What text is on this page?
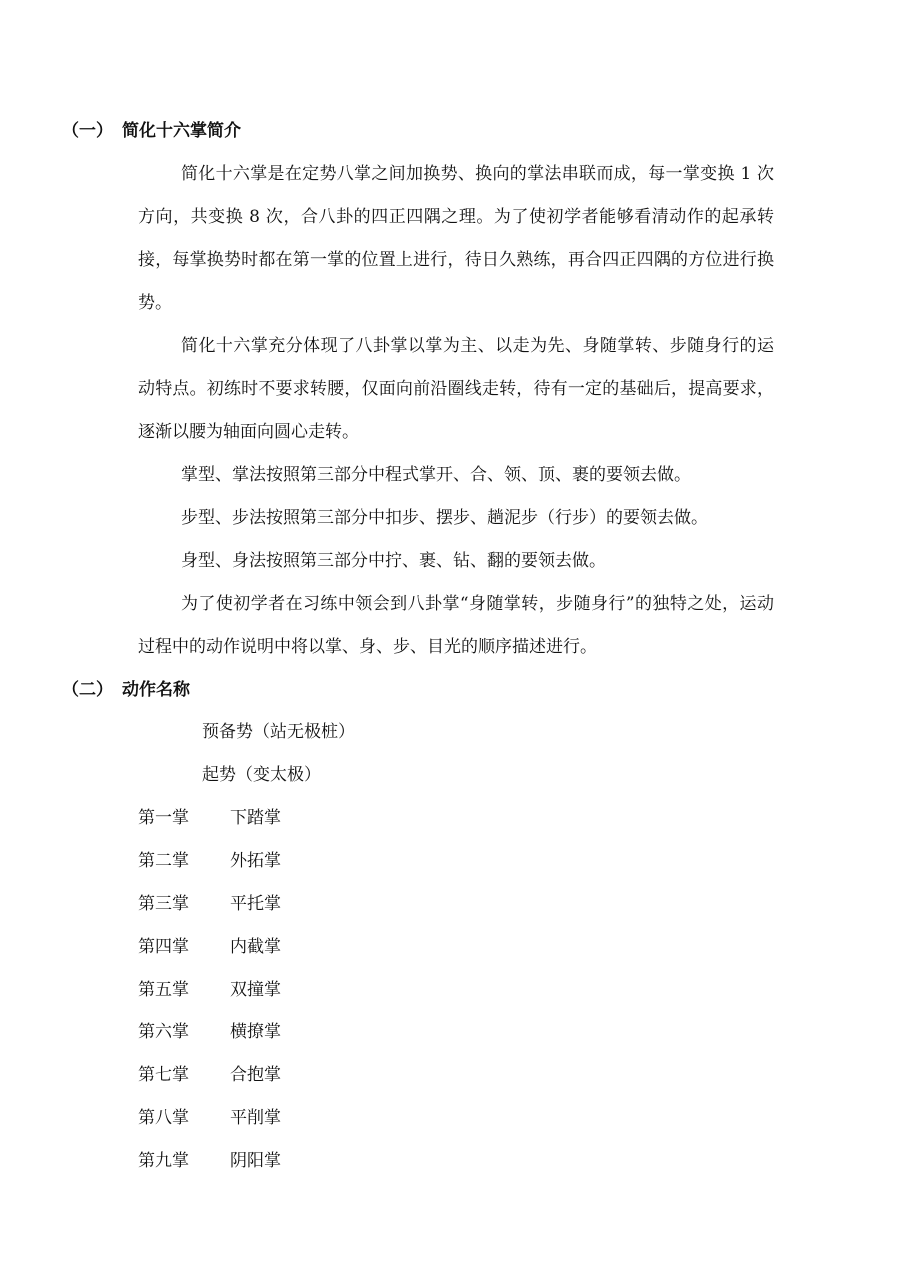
（一） 简化十六掌简介

简化十六掌是在定势八掌之间加换势、换向的掌法串联而成，每一掌变换 1 次方向，共变换 8 次，合八卦的四正四隅之理。为了使初学者能够看清动作的起承转接，每掌换势时都在第一掌的位置上进行，待日久熟练，再合四正四隅的方位进行换势。

简化十六掌充分体现了八卦掌以掌为主、以走为先、身随掌转、步随身行的运动特点。初练时不要求转腰，仅面向前沿圈线走转，待有一定的基础后，提高要求，逐渐以腰为轴面向圆心走转。

掌型、掌法按照第三部分中程式掌开、合、领、顶、裹的要领去做。

步型、步法按照第三部分中扣步、摆步、趟泥步（行步）的要领去做。

身型、身法按照第三部分中拧、裹、钻、翻的要领去做。

为了使初学者在习练中领会到八卦掌“身随掌转，步随身行”的独特之处，运动过程中的动作说明中将以掌、身、步、目光的顺序描述进行。

（二） 动作名称
预备势（站无极桩）
起势（变太极）
第一掌 下踏掌
第二掌 外拓掌
第三掌 平托掌
第四掌 内截掌
第五掌 双撞掌
第六掌 横撩掌
第七掌 合抱掌
第八掌 平削掌
第九掌 阴阳掌
